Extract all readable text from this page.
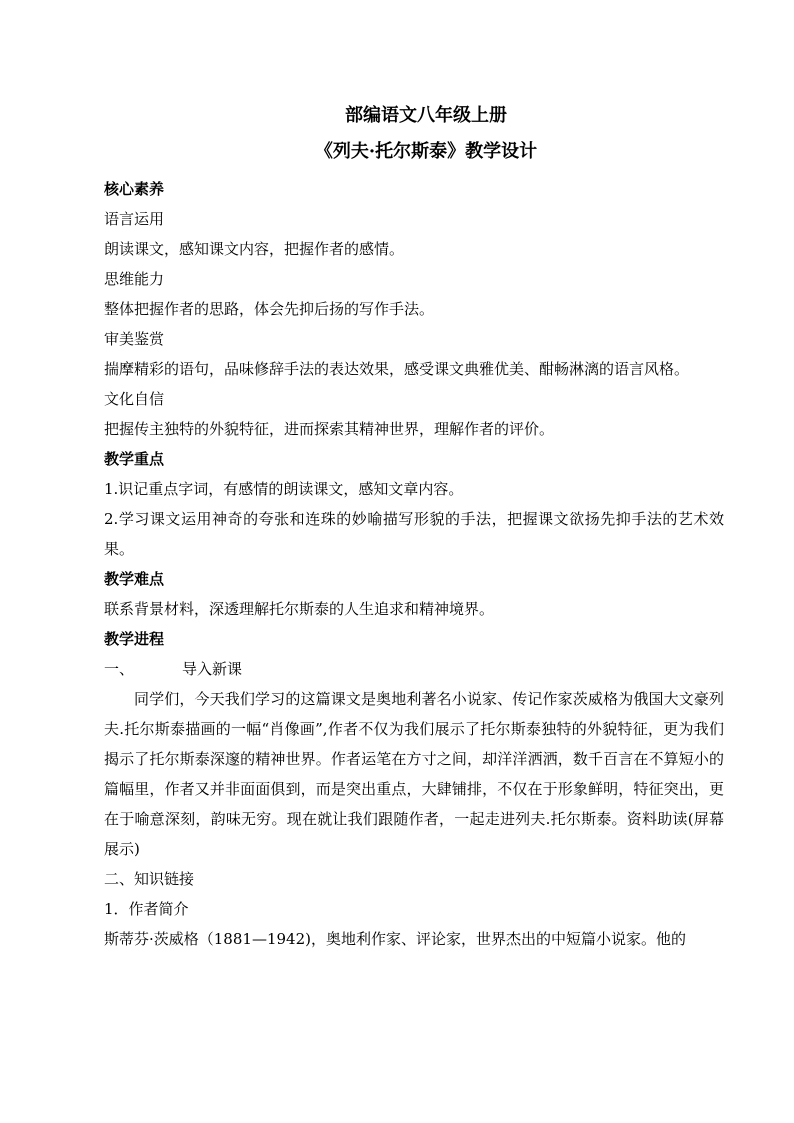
部编语文八年级上册

《列夫·托尔斯泰》教学设计

核心素养

语言运用

朗读课文，感知课文内容，把握作者的感情。

思维能力

整体把握作者的思路，体会先抑后扬的写作手法。

审美鉴赏

揣摩精彩的语句，品味修辞手法的表达效果，感受课文典雅优美、酣畅淋漓的语言风格。

文化自信

把握传主独特的外貌特征，进而探索其精神世界，理解作者的评价。

教学重点

1.识记重点字词，有感情的朗读课文，感知文章内容。

2.学习课文运用神奇的夸张和连珠的妙喻描写形貌的手法，把握课文欲扬先抑手法的艺术效果。

教学难点

联系背景材料，深透理解托尔斯泰的人生追求和精神境界。

教学进程

一、	导入新课

同学们，今天我们学习的这篇课文是奥地利著名小说家、传记作家茨威格为俄国大文豪列夫.托尔斯泰描画的一幅“肖像画”,作者不仅为我们展示了托尔斯泰独特的外貌特征，更为我们揭示了托尔斯泰深邃的精神世界。作者运笔在方寸之间，却洋洋洒洒，数千百言在不算短小的篇幅里，作者又并非面面俱到，而是突出重点，大肆铺排，不仅在于形象鲜明，特征突出，更在于喻意深刻，韵味无穷。现在就让我们跟随作者，一起走进列夫.托尔斯泰。资料助读(屏幕展示)

二、知识链接

1．作者简介

斯蒂芬·茨威格（1881—1942)，奥地利作家、评论家，世界杰出的中短篇小说家。他的
